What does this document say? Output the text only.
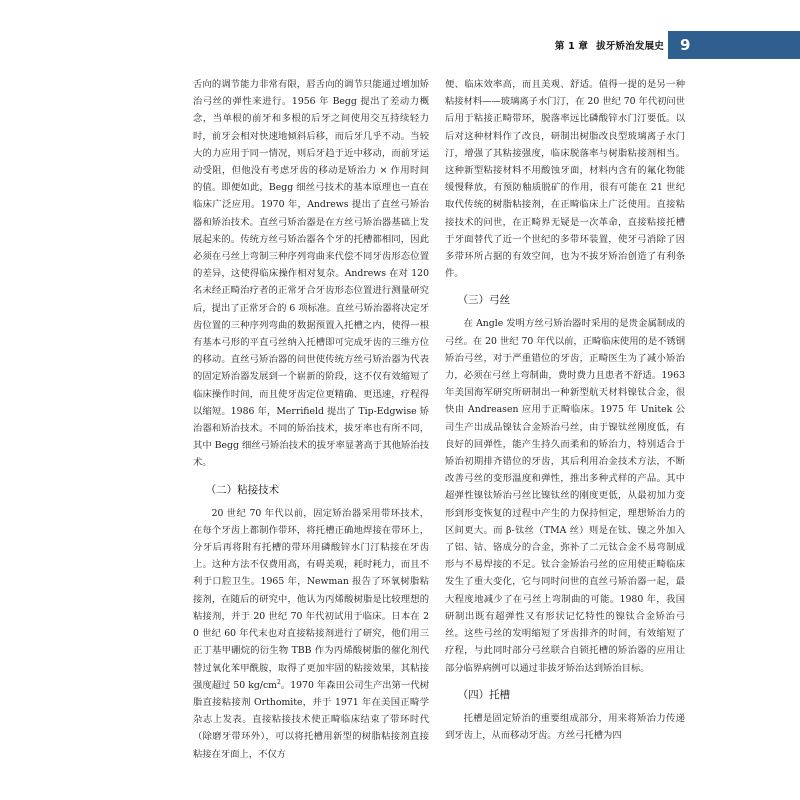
第 1 章 拔牙矫治发展史 9

舌向的调节能力非常有限，唇舌向的调节只能通过增加矫治弓丝的弹性来进行。1956 年 Begg 提出了差动力概念，当单根的前牙和多根的后牙之间使用交互持续轻力时，前牙会相对快速地倾斜后移，而后牙几乎不动。当较大的力应用于同一情况，则后牙趋于近中移动，而前牙运动受阻，但他没有考虑牙齿的移动是矫治力 × 作用时间的值。即便如此，Begg 细丝弓技术的基本原理也一直在临床广泛应用。1970 年，Andrews 提出了直丝弓矫治器和矫治技术。直丝弓矫治器是在方丝弓矫治器基础上发展起来的。传统方丝弓矫治器各个牙的托槽都相同，因此必须在弓丝上弯制三种序列弯曲来代偿不同牙齿形态位置的差异，这使得临床操作相对复杂。Andrews 在对 120 名未经正畸治疗者的正常牙合牙齿形态位置进行测量研究后，提出了正常牙合的 6 项标准。直丝弓矫治器将决定牙齿位置的三种序列弯曲的数据预置入托槽之内，使得一根有基本弓形的平直弓丝纳入托槽即可完成牙齿的三维方位的移动。直丝弓矫治器的问世使传统方丝弓矫治器为代表的固定矫治器发展到一个崭新的阶段，这不仅有效缩短了临床操作时间，而且使牙齿定位更精确、更迅速，疗程得以缩短。1986 年，Merrifield 提出了 Tip-Edgwise 矫治器和矫治技术。不同的矫治技术，拔牙率也有所不同，其中 Begg 细丝弓矫治技术的拔牙率显著高于其他矫治技术。

（二）粘接技术

20 世纪 70 年代以前，固定矫治器采用带环技术，在每个牙齿上都制作带环，将托槽正确地焊接在带环上，分牙后再将附有托槽的带环用磷酸锌水门汀粘接在牙齿上。这种方法不仅费用高，有碍美观，耗时耗力，而且不利于口腔卫生。1965 年，Newman 报告了环氧树脂粘接剂，在随后的研究中，他认为丙烯酸树脂是比较理想的粘接剂，并于 20 世纪 70 年代初试用于临床。日本在 20 世纪 60 年代末也对直接粘接剂进行了研究，他们用三正丁基甲硼烷的衍生物 TBB 作为丙烯酸树脂的催化剂代替过氧化苯甲酰胺，取得了更加牢固的粘接效果，其粘接强度超过 50 $kg/cm^2$。1970 年森田公司生产出第一代树脂直接粘接剂 Orthomite，并于 1971 年在美国正畸学杂志上发表。直接粘接技术使正畸临床结束了带环时代（除磨牙带环外），可以将托槽用新型的树脂粘接剂直接粘接在牙面上，不仅方

便、临床效率高，而且美观、舒适。值得一提的是另一种粘接材料——玻璃离子水门汀，在 20 世纪 70 年代初问世后用于粘接正畸带环，脱落率远比磷酸锌水门汀要低。以后对这种材料作了改良，研制出树脂改良型玻璃离子水门汀，增强了其粘接强度，临床脱落率与树脂粘接剂相当。这种新型粘接材料不用酸蚀牙面，材料内含有的氟化物能缓慢释放，有预防釉质脱矿的作用，很有可能在 21 世纪取代传统的树脂粘接剂，在正畸临床上广泛使用。直接粘接技术的问世，在正畸界无疑是一次革命，直接粘接托槽于牙面替代了近一个世纪的多带环装置，使牙弓消除了因多带环所占据的有效空间，也为不拔牙矫治创造了有利条件。

（三）弓丝

在 Angle 发明方丝弓矫治器时采用的是贵金属制成的弓丝。在 20 世纪 70 年代以前，正畸临床使用的是不锈钢矫治弓丝，对于严重错位的牙齿，正畸医生为了减小矫治力，必须在弓丝上弯制曲，费时费力且患者不舒适。1963 年美国海军研究所研制出一种新型航天材料镍钛合金，很快由 Andreasen 应用于正畸临床。1975 年 Unitek 公司生产出成品镍钛合金矫治弓丝，由于镍钛丝刚度低，有良好的回弹性，能产生持久而柔和的矫治力，特别适合于矫治初期排齐错位的牙齿，其后利用冶金技术方法，不断改善弓丝的变形温度和弹性，推出多种式样的产品。其中超弹性镍钛矫治弓丝比镍钛丝的刚度更低，从最初加力变形到形变恢复的过程中产生的力保持恒定，理想矫治力的区间更大。而 β-钛丝（TMA 丝）则是在钛、镍之外加入了铝、钴、铬成分的合金，弥补了二元钛合金不易弯制成形与不易焊接的不足。钛合金矫治弓丝的应用使正畸临床发生了重大变化，它与同时问世的直丝弓矫治器一起，最大程度地减少了在弓丝上弯制曲的可能。1980 年，我国研制出既有超弹性又有形状记忆特性的镍钛合金矫治弓丝。这些弓丝的发明缩短了牙齿排齐的时间，有效缩短了疗程，与此同时部分弓丝联合自锁托槽的矫治器的应用让部分临界病例可以通过非拔牙矫治达到矫治目标。

（四）托槽

托槽是固定矫治的重要组成部分，用来将矫治力传递到牙齿上，从而移动牙齿。方丝弓托槽为四
